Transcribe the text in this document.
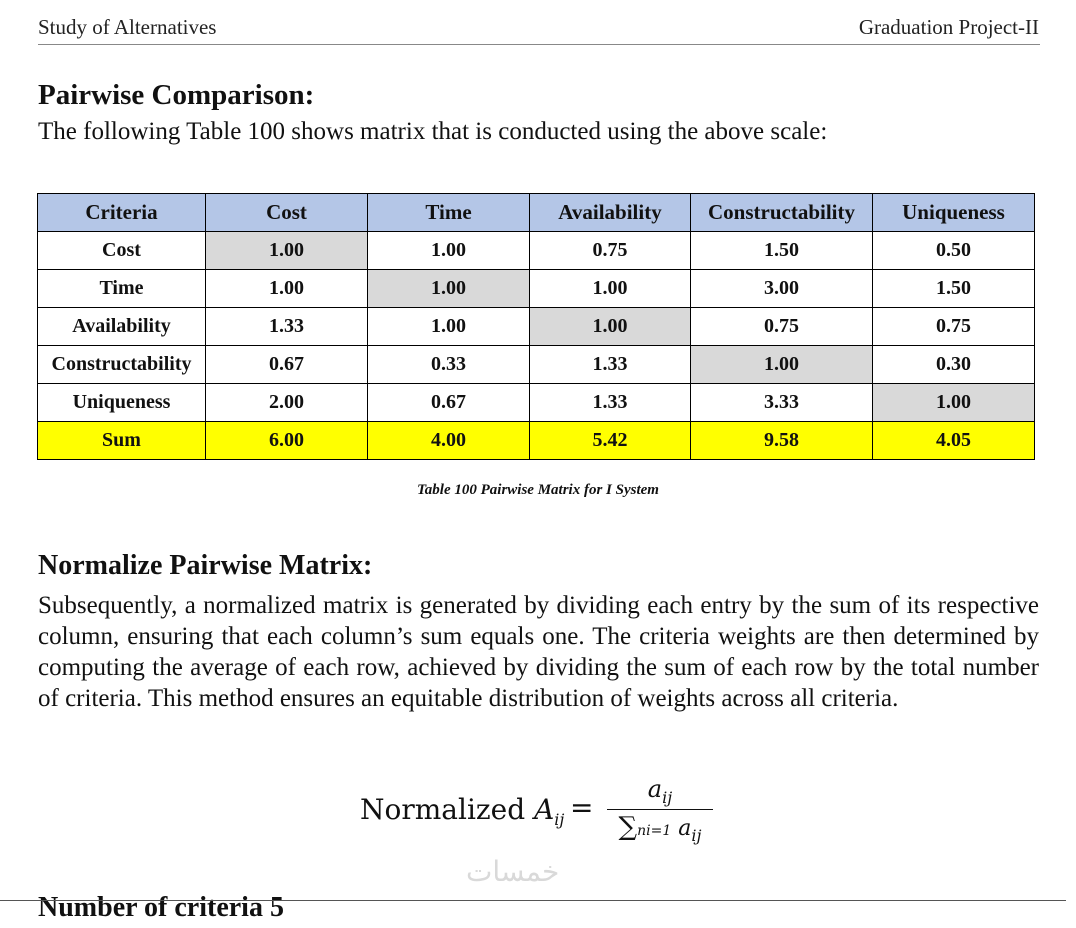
Study of Alternatives	Graduation Project-II
Pairwise Comparison:
The following Table 100 shows matrix that is conducted using the above scale:
Criteria	Cost	Time	Availability	Constructability	Uniqueness
Cost	1.00	1.00	0.75	1.50	0.50
Time	1.00	1.00	1.00	3.00	1.50
Availability	1.33	1.00	1.00	0.75	0.75
Constructability	0.67	0.33	1.33	1.00	0.30
Uniqueness	2.00	0.67	1.33	3.33	1.00
Sum	6.00	4.00	5.42	9.58	4.05
Table 100 Pairwise Matrix for I System
Normalize Pairwise Matrix:

Subsequently, a normalized matrix is generated by dividing each entry by the sum of its respective column, ensuring that each column’s sum equals one. The criteria weights are then determined by computing the average of each row, achieved by dividing the sum of each row by the total number of criteria. This method ensures an equitable distribution of weights across all criteria.

Normalized $A_{ij}$ =
$a_{ij}$
∑ni=1 $a_{ij}$
خمسات
Number of criteria 5
